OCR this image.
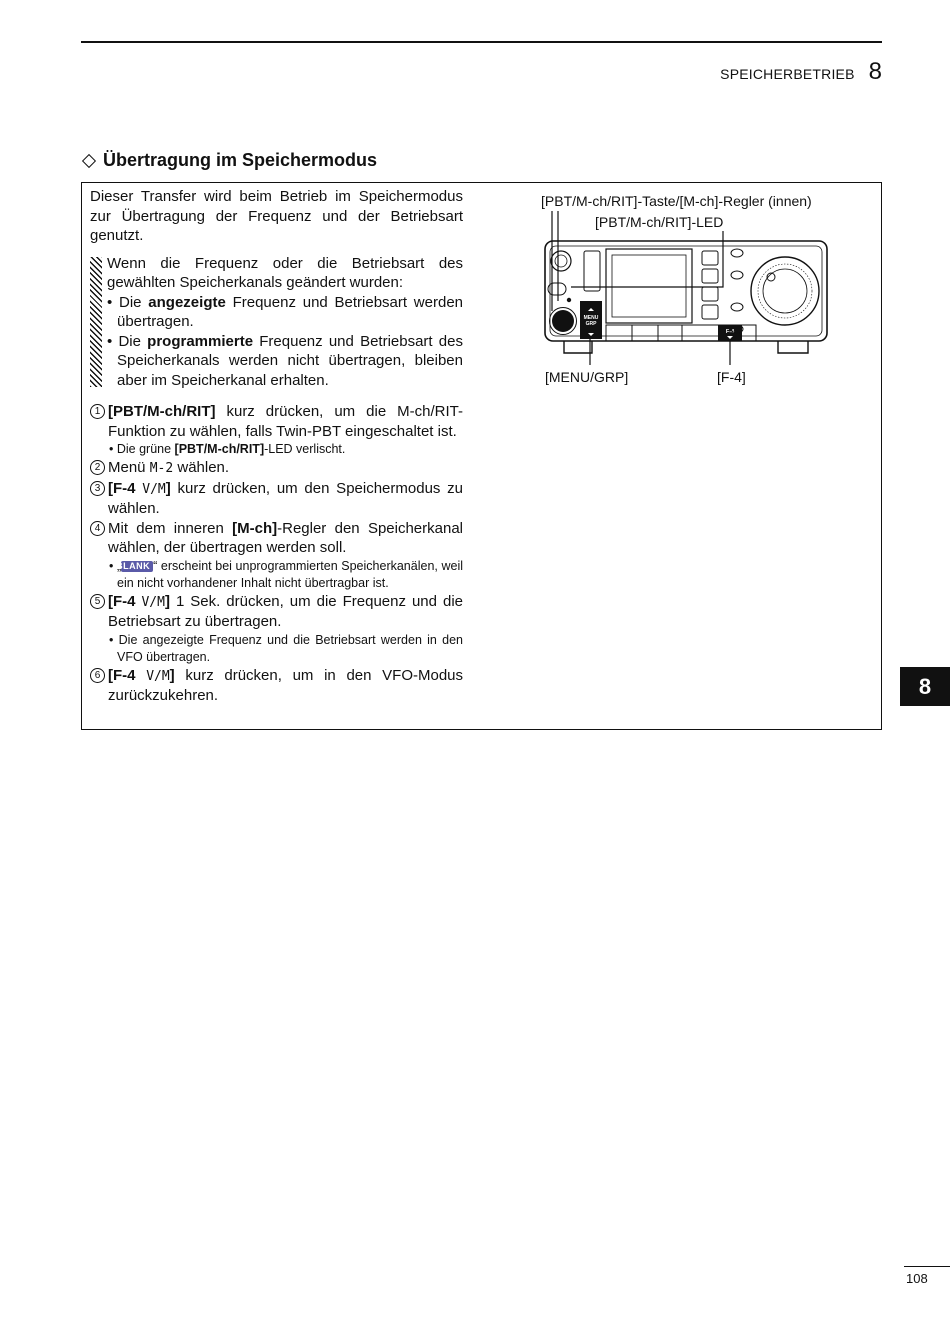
SPEICHERBETRIEB 8
Übertragung im Speichermodus

Dieser Transfer wird beim Betrieb im Speichermodus zur Übertragung der Frequenz und der Betriebsart genutzt.

Wenn die Frequenz oder die Betriebsart des gewählten Speicherkanals geändert wurden:

• Die angezeigte Frequenz und Betriebsart werden übertragen.

• Die programmierte Frequenz und Betriebsart des Speicherkanals werden nicht übertragen, bleiben aber im Speicherkanal erhalten.

1 [PBT/M-ch/RIT] kurz drücken, um die M-ch/RIT-Funktion zu wählen, falls Twin-PBT eingeschaltet ist.
• Die grüne [PBT/M-ch/RIT]-LED verlischt.
2 Menü M-2 wählen.
3 [F-4 V/M] kurz drücken, um den Speichermodus zu wählen.
4 Mit dem inneren [M-ch]-Regler den Speicherkanal wählen, der übertragen werden soll.
• „BLANK “ erscheint bei unprogrammierten Speicherkanälen, weil ein nicht vorhandener Inhalt nicht übertragbar ist.
5 [F-4 V/M] 1 Sek. drücken, um die Frequenz und die Betriebsart zu übertragen.
• Die angezeigte Frequenz und die Betriebsart werden in den VFO übertragen.
6 [F-4 V/M] kurz drücken, um in den VFO-Modus zurückzukehren.
[PBT/M-ch/RIT]-Taste/[M-ch]-Regler (innen)
[PBT/M-ch/RIT]-LED
MENU
GRP
F-4
[MENU/GRP]	[F-4]
8
108
